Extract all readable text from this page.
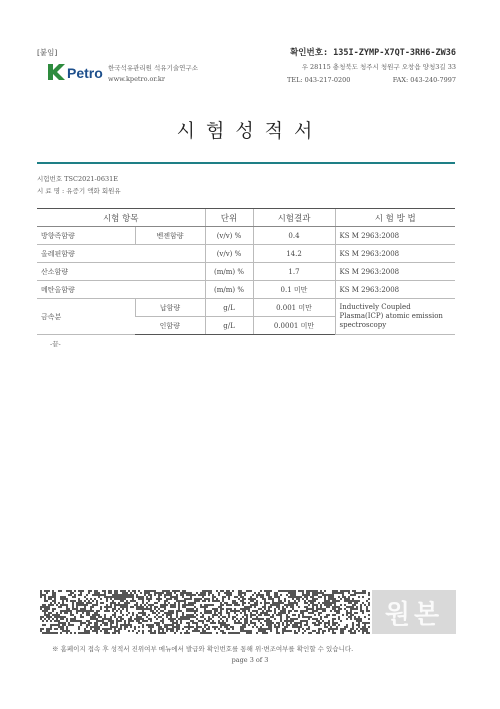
[붙임]
Petro 한국석유관리원 석유기술연구소
www.kpetro.or.kr
확인번호: 135I-ZYMP-X7QT-3RH6-ZW36
우 28115 충청북도 청주시 청원구 오창읍 양청3길 33
TEL: 043-217-0200	FAX: 043-240-7997
시험성적서
시험번호 TSC2021-0631E
시 료 명 : 유증기 액화 회원유
시험 항목		단위	시험결과	시 험 방 법
방향족함량	벤젠함량	(v/v) %	0.4	KS M 2963:2008
올레핀함량		(v/v) %	14.2	KS M 2963:2008
산소함량		(m/m) %	1.7	KS M 2963:2008
메탄올함량		(m/m) %	0.1 미만	KS M 2963:2008
금속분	납함량	g/L	0.001 미만	Inductively Coupled Plasma(ICP) atomic emission spectroscopy
	인함량	g/L	0.0001 미만	
-끝-
원본
※ 홈페이지 접속 후 성적서 진위여부 메뉴에서 발급와 확인번호를 통해 위·변조여부를 확인할 수 있습니다.
page 3 of 3
